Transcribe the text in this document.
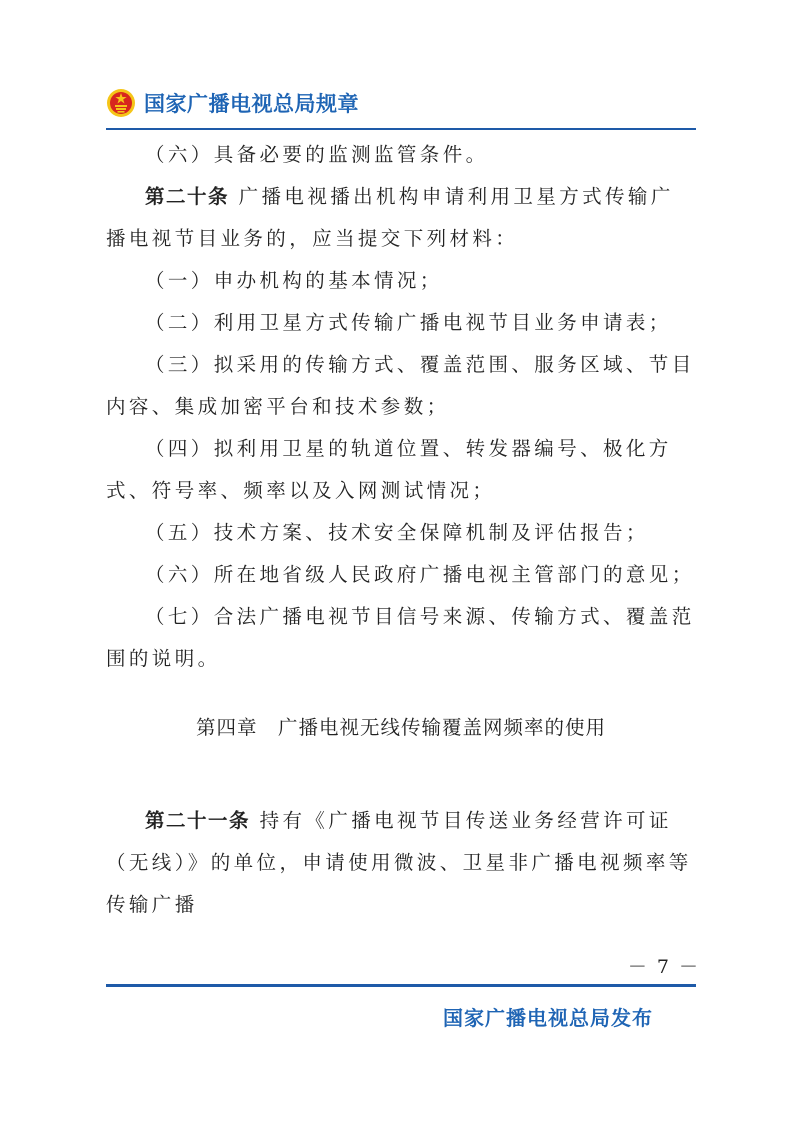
国家广播电视总局规章

（六）具备必要的监测监管条件。

第二十条 广播电视播出机构申请利用卫星方式传输广播电视节目业务的，应当提交下列材料：

（一）申办机构的基本情况；

（二）利用卫星方式传输广播电视节目业务申请表；

（三）拟采用的传输方式、覆盖范围、服务区域、节目内容、集成加密平台和技术参数；

（四）拟利用卫星的轨道位置、转发器编号、极化方式、符号率、频率以及入网测试情况；

（五）技术方案、技术安全保障机制及评估报告；

（六）所在地省级人民政府广播电视主管部门的意见；

（七）合法广播电视节目信号来源、传输方式、覆盖范围的说明。

第四章　广播电视无线传输覆盖网频率的使用

第二十一条 持有《广播电视节目传送业务经营许可证（无线）》的单位，申请使用微波、卫星非广播电视频率等传输广播

－ 7 －
国家广播电视总局发布
